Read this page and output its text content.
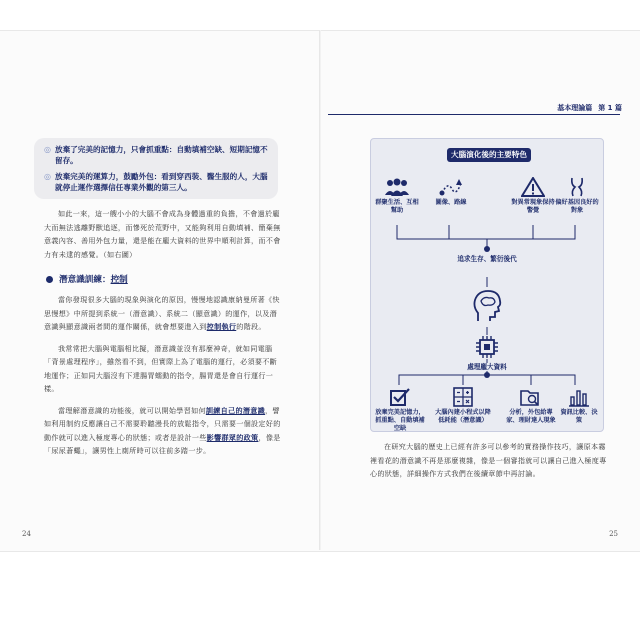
基本理論篇 第 1 篇
24	25
◎ 放棄了完美的記憶力，只會抓重點：自動填補空缺、短期記憶不留存。
◎ 放棄完美的運算力，鼓勵外包：看到穿西裝、醫生服的人，大腦就停止運作選擇信任專業外觀的第三人。

如此一來，這一艘小小的大腦不會成為身體過重的負擔，不會過於龐大而無法逃離野獸追逐，而慘死於荒野中，又能夠利用自動填補、簡棄無意義內容、善用外包力量，還是能在龐大資料的世界中順利計算，而不會力有未逮的感覺。（如右圖）

潛意識訓練：控制

當你發現很多大腦的現象與演化的原因，慢慢地認識康納曼所著《快思慢想》中所提到系統一（潛意識）、系統二（顯意識）的運作，以及潛意識與顯意識兩者間的運作關係，就會想要進入到控制執行的階段。

我常常把大腦與電腦相比擬，潛意識並沒有那麼神奇，就如同電腦「背景處理程序」，雖然看不到，但實際上為了電腦的運行，必須要不斷地運作；正如同大腦沒有下達腸胃蠕動的指令，腸胃還是會自行運行一樣。

當理解潛意識的功能後，就可以開始學習如何訓練自己的潛意識，譬如利用制約反應讓自己不需要聆聽漫長的放鬆指令，只需要一個設定好的動作就可以進入極度專心的狀態；或者是設計一些影響群眾的政策，像是「尿尿蒼蠅」，讓男性上廁所時可以往前多踏一步。

大腦演化後的主要特色
群聚生活、互相幫助
圖像、路線	對異常現象保持警覺
偏好基因良好的對象
追求生存、繁衍後代
處理龐大資料
放棄完美記憶力，抓重點、自動填補空缺
大腦內建小程式以降低耗能（潛意識）
分析，外包給專家、理財達人現象
資訊比較、決策

在研究大腦的歷史上已經有許多可以參考的實務操作技巧，讓原本霧裡看花的潛意識不再是那麼複雜，像是一個審指就可以讓自己進入極度專心的狀態，詳細操作方式我們在後續章節中再討論。
